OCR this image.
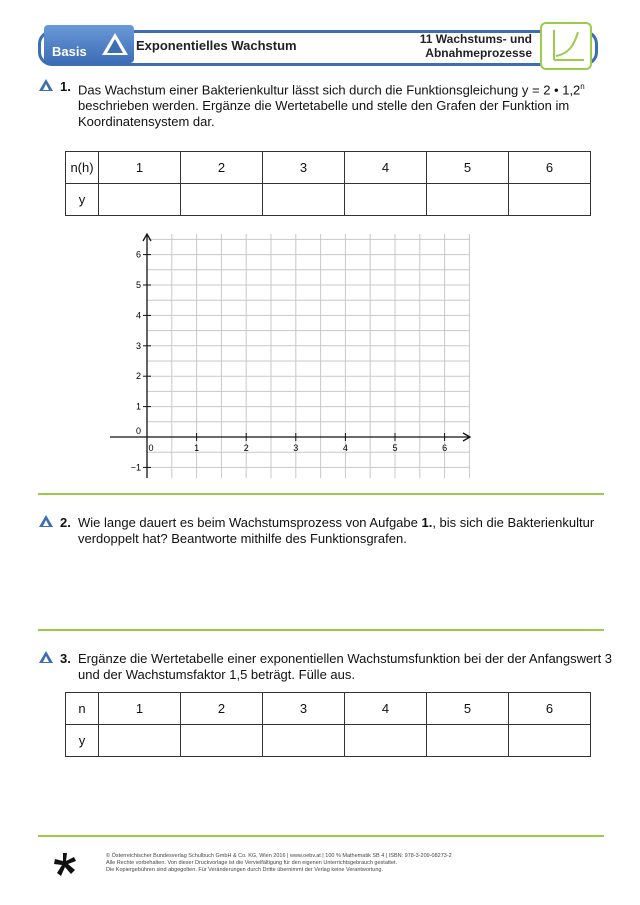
Basis	Exponentielles Wachstum	11 Wachstums- und
Abnahmeprozesse
1. Das Wachstum einer Bakterienkultur lässt sich durch die Funktionsgleichung y = 2 • 1,2$^n$
beschrieben werden. Ergänze die Wertetabelle und stelle den Grafen der Funktion im
Koordinatensystem dar.
n(h)	1	2	3	4	5	6
y						
0	1	2	3	4	5	6
6
5
4
3
2
1
0
−1
2. Wie lange dauert es beim Wachstumsprozess von Aufgabe 1., bis sich die Bakterienkultur
verdoppelt hat? Beantworte mithilfe des Funktionsgrafen.
3. Ergänze die Wertetabelle einer exponentiellen Wachstumsfunktion bei der der Anfangswert 3
und der Wachstumsfaktor 1,5 beträgt. Fülle aus.
n	1	2	3	4	5	6
y						
© Österreichischer Bundesverlag Schulbuch GmbH & Co. KG, Wien 2016 | www.oebv.at | 100 % Mathematik SB 4 | ISBN: 978-3-209-08273-2
Alle Rechte vorbehalten. Von dieser Druckvorlage ist die Vervielfältigung für den eigenen Unterrichtsgebrauch gestattet.
Die Kopiergebühren sind abgegolten. Für Veränderungen durch Dritte übernimmt der Verlag keine Verantwortung.
